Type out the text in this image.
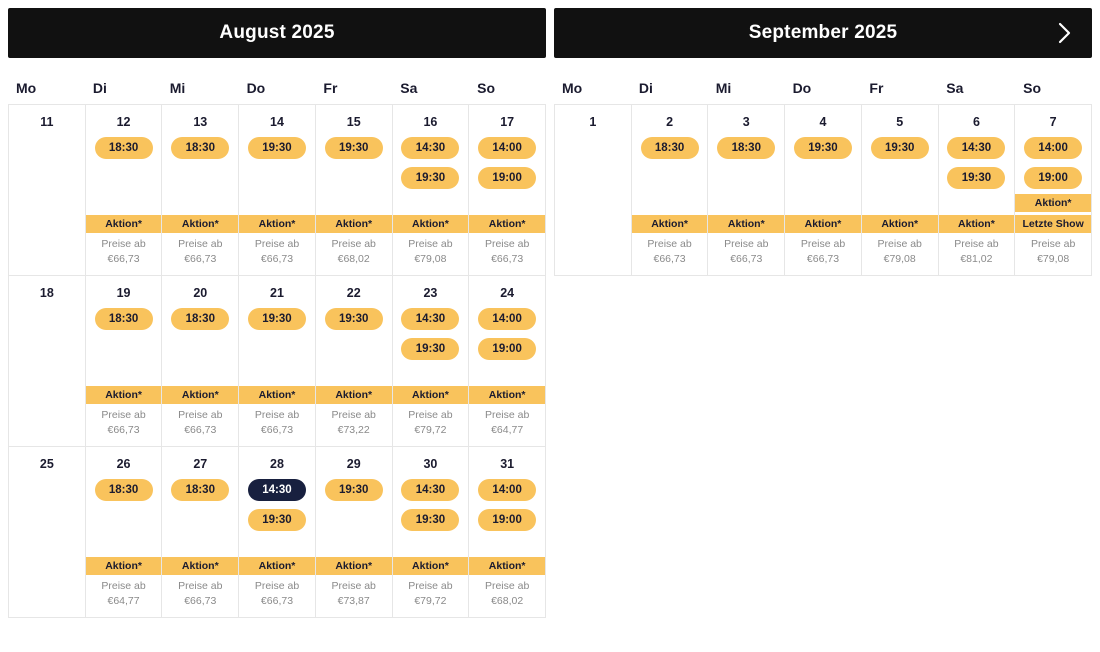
August 2025
Mo	Di	Mi	Do	Fr	Sa	So
11	12
18:30
Aktion*
Preise ab
€66,73
13
18:30
Aktion*
Preise ab
€66,73
14
19:30
Aktion*
Preise ab
€66,73
15
19:30
Aktion*
Preise ab
€68,02
16
14:30
19:30
Aktion*
Preise ab
€79,08
17
14:00
19:00
Aktion*
Preise ab
€66,73
18	19
18:30
Aktion*
Preise ab
€66,73
20
18:30
Aktion*
Preise ab
€66,73
21
19:30
Aktion*
Preise ab
€66,73
22
19:30
Aktion*
Preise ab
€73,22
23
14:30
19:30
Aktion*
Preise ab
€79,72
24
14:00
19:00
Aktion*
Preise ab
€64,77
25	26
18:30
Aktion*
Preise ab
€64,77
27
18:30
Aktion*
Preise ab
€66,73
28
14:30
19:30
Aktion*
Preise ab
€66,73
29
19:30
Aktion*
Preise ab
€73,87
30
14:30
19:30
Aktion*
Preise ab
€79,72
31
14:00
19:00
Aktion*
Preise ab
€68,02
September 2025
Mo	Di	Mi	Do	Fr	Sa	So
1	2
18:30
Aktion*
Preise ab
€66,73
3
18:30
Aktion*
Preise ab
€66,73
4
19:30
Aktion*
Preise ab
€66,73
5
19:30
Aktion*
Preise ab
€79,08
6
14:30
19:30
Aktion*
Preise ab
€81,02
7
14:00
19:00
Aktion*
Letzte Show
Preise ab
€79,08
